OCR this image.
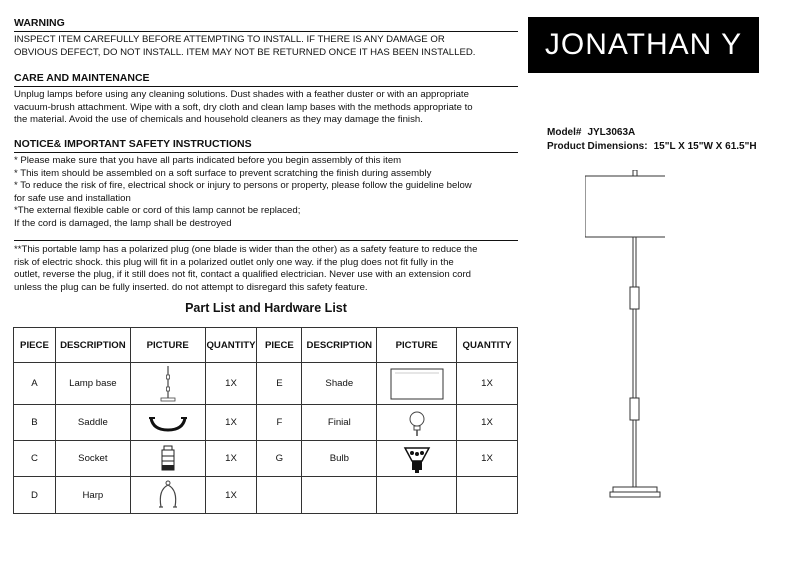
WARNING
INSPECT ITEM CAREFULLY BEFORE ATTEMPTING TO INSTALL. IF THERE IS ANY DAMAGE OR
OBVIOUS DEFECT, DO NOT INSTALL. ITEM MAY NOT BE RETURNED ONCE IT HAS BEEN INSTALLED.
CARE AND MAINTENANCE
Unplug lamps before using any cleaning solutions. Dust shades with a feather duster or with an appropriate
vacuum-brush attachment. Wipe with a soft, dry cloth and clean lamp bases with the methods appropriate to
the material. Avoid the use of chemicals and household cleaners as they may damage the finish.
NOTICE& IMPORTANT SAFETY INSTRUCTIONS
* Please make sure that you have all parts indicated before you begin assembly of this item
* This item should be assembled on a soft surface to prevent scratching the finish during assembly
* To reduce the risk of fire, electrical shock or injury to persons or property, please follow the guideline below
for safe use and installation
*The external flexible cable or cord of this lamp cannot be replaced;
If the cord is damaged, the lamp shall be destroyed
**This portable lamp has a polarized plug (one blade is wider than the other) as a safety feature to reduce the
risk of electric shock. this plug will fit in a polarized outlet only one way. if the plug does not fit fully in the
outlet, reverse the plug, if it still does not fit, contact a qualified electrician. Never use with an extension cord
unless the plug can be fully inserted. do not attempt to disregard this safety feature.
JONATHAN Y
Model# JYL3063A
Product Dimensions: 15"L X 15"W X 61.5"H
Part List and Hardware List
PIECE	DESCRIPTION	PICTURE	QUANTITY	PIECE	DESCRIPTION	PICTURE	QUANTITY
A	Lamp base		1X	E	Shade		1X
B	Saddle		1X	F	Finial		1X
C	Socket		1X	G	Bulb		1X
D	Harp		1X				
